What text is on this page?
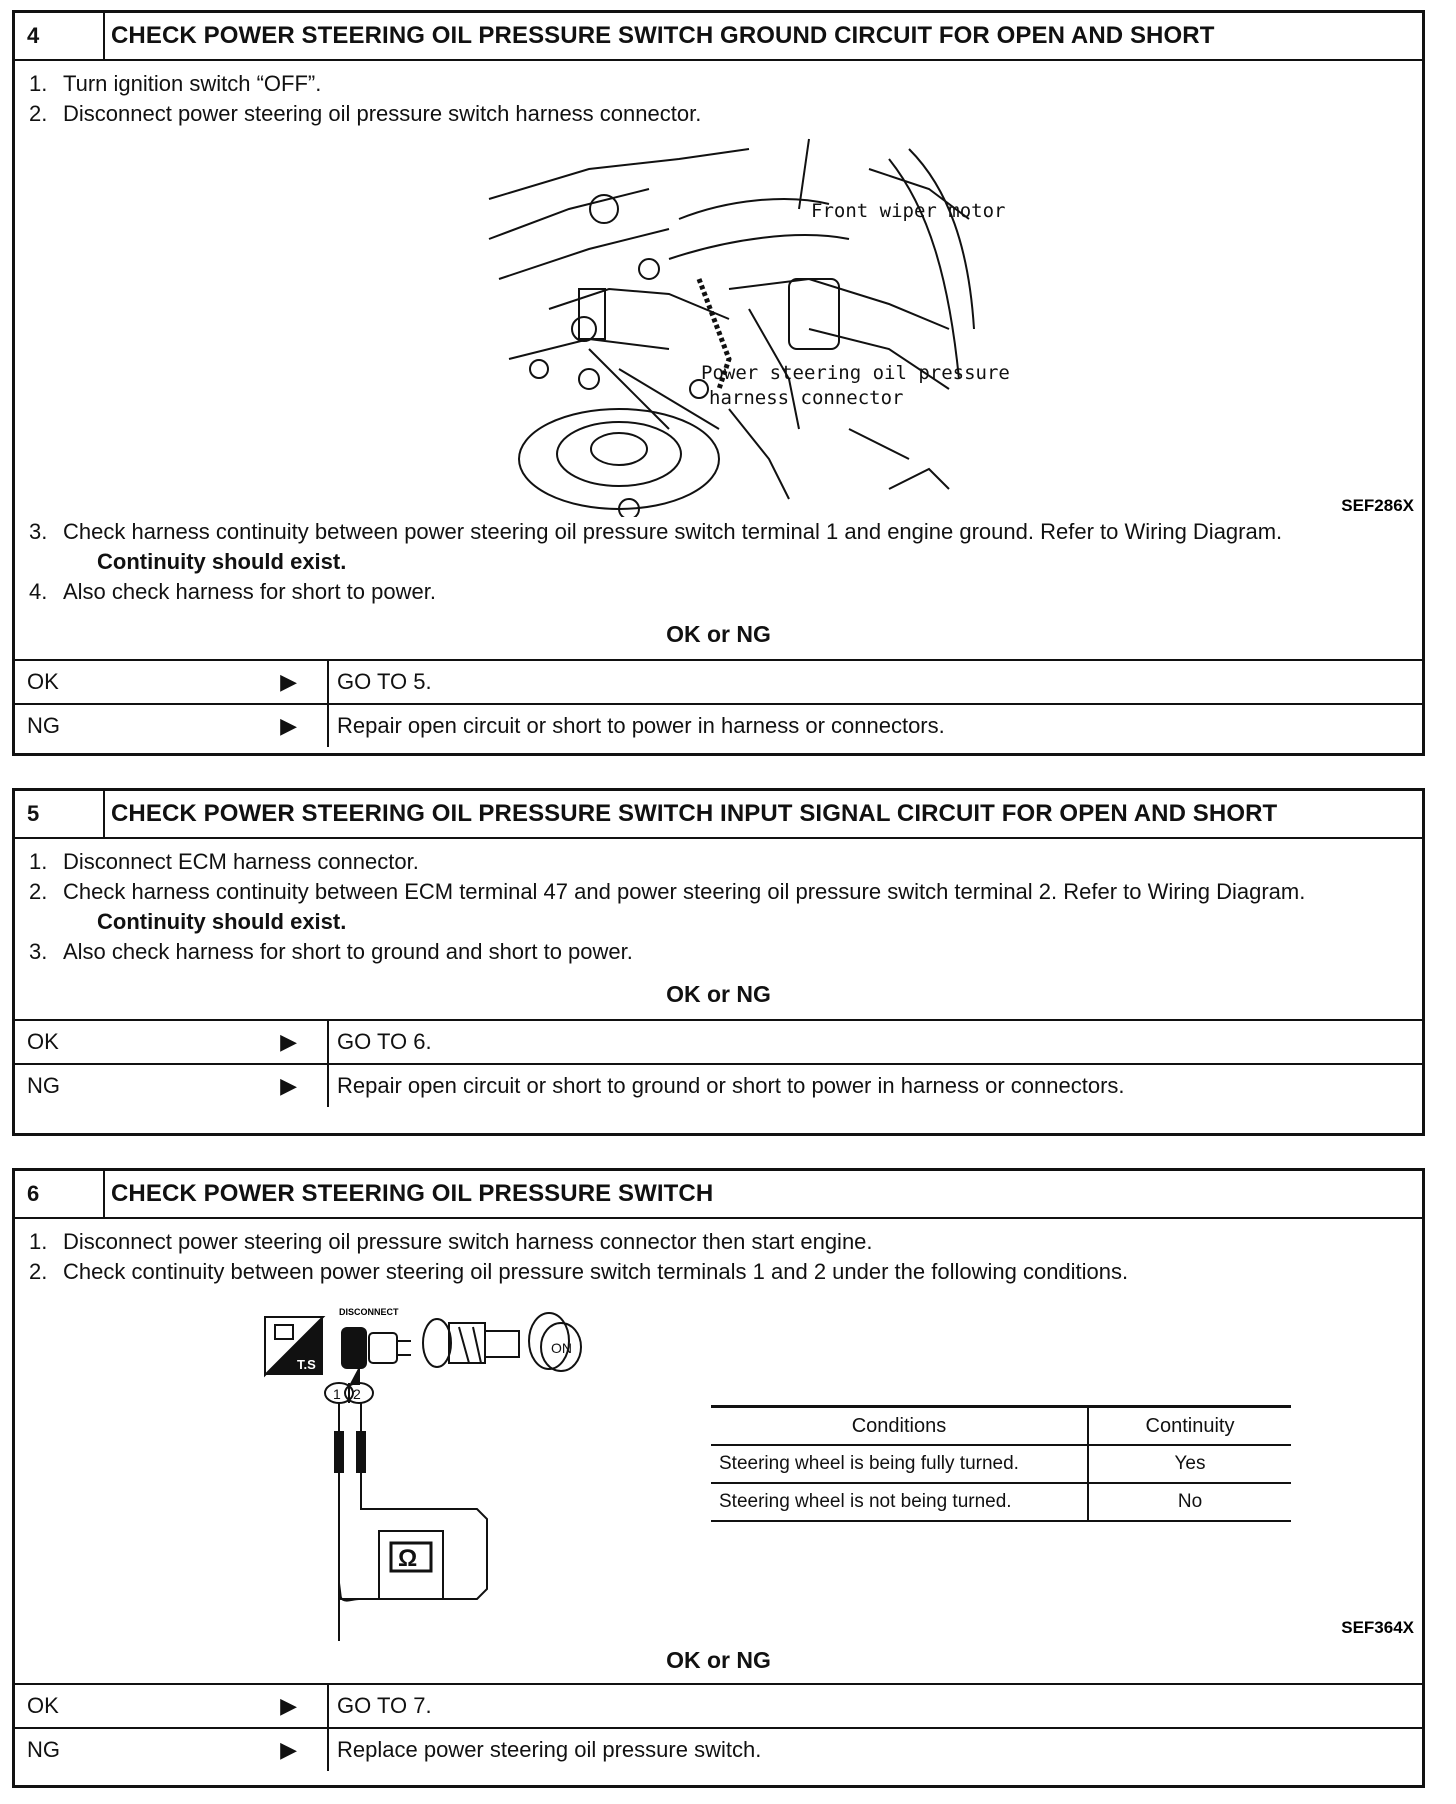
4	CHECK POWER STEERING OIL PRESSURE SWITCH GROUND CIRCUIT FOR OPEN AND SHORT
1. Turn ignition switch “OFF”.
2. Disconnect power steering oil pressure switch harness connector.
Front wiper motor
Power steering oil pressure
harness connector
SEF286X
3. Check harness continuity between power steering oil pressure switch terminal 1 and engine ground. Refer to Wiring Diagram.
Continuity should exist.
4. Also check harness for short to power.
OK or NG
OK	▶	GO TO 5.
NG	▶	Repair open circuit or short to power in harness or connectors.
5	CHECK POWER STEERING OIL PRESSURE SWITCH INPUT SIGNAL CIRCUIT FOR OPEN AND SHORT
1. Disconnect ECM harness connector.
2. Check harness continuity between ECM terminal 47 and power steering oil pressure switch terminal 2. Refer to Wiring Diagram.
Continuity should exist.
3. Also check harness for short to ground and short to power.
OK or NG
OK	▶	GO TO 6.
NG	▶	Repair open circuit or short to ground or short to power in harness or connectors.
6	CHECK POWER STEERING OIL PRESSURE SWITCH
1. Disconnect power steering oil pressure switch harness connector then start engine.
2. Check continuity between power steering oil pressure switch terminals 1 and 2 under the following conditions.
T.S
DISCONNECT
ON
1 2
Ω
SEF364X
Conditions	Continuity
Steering wheel is being fully turned.	Yes
Steering wheel is not being turned.	No
OK or NG
OK	▶	GO TO 7.
NG	▶	Replace power steering oil pressure switch.
